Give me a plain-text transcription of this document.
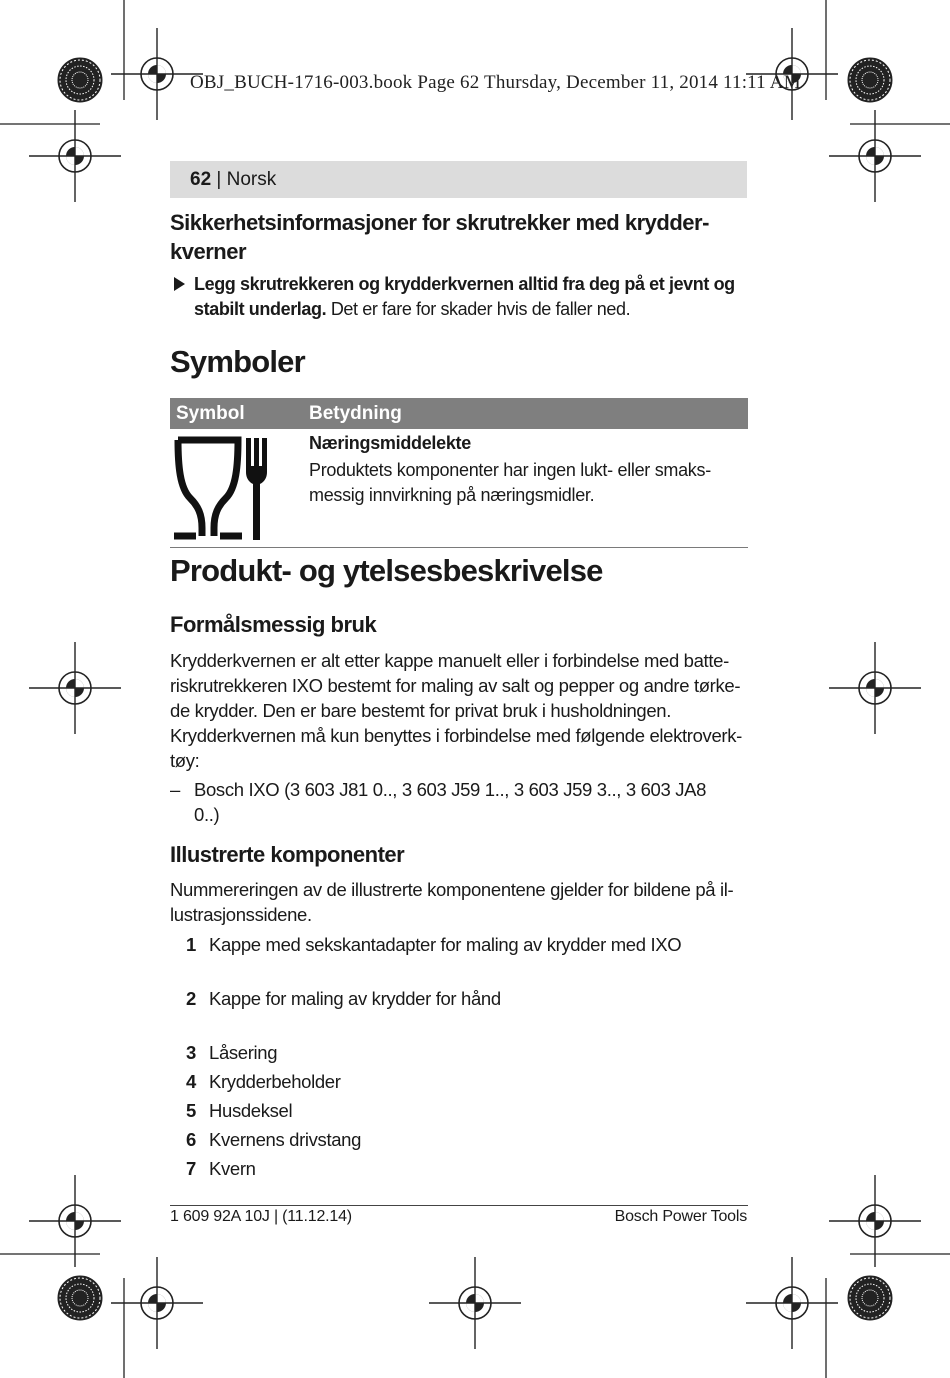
OBJ_BUCH-1716-003.book Page 62 Thursday, December 11, 2014 11:11 AM
62 | Norsk
Sikkerhetsinformasjoner for skrutrekker med krydder-kverner
Legg skrutrekkeren og krydderkvernen alltid fra deg på et jevnt og stabilt underlag. Det er fare for skader hvis de faller ned.
Symboler
Symbol	Betydning
Næringsmiddelekte
Produktets komponenter har ingen lukt- eller smaks-messig innvirkning på næringsmidler.
Produkt- og ytelsesbeskrivelse
Formålsmessig bruk
Krydderkvernen er alt etter kappe manuelt eller i forbindelse med batte-riskrutrekkeren IXO bestemt for maling av salt og pepper og andre tørke-de krydder. Den er bare bestemt for privat bruk i husholdningen. Krydderkvernen må kun benyttes i forbindelse med følgende elektroverk-tøy:
– Bosch IXO (3 603 J81 0.., 3 603 J59 1.., 3 603 J59 3.., 3 603 JA8 0..)
Illustrerte komponenter
Nummereringen av de illustrerte komponentene gjelder for bildene på il-lustrasjonssidene.
1 Kappe med sekskantadapter for maling av krydder med IXO
2 Kappe for maling av krydder for hånd
3 Låsering
4 Krydderbeholder
5 Husdeksel
6 Kvernens drivstang
7 Kvern
1 609 92A 10J | (11.12.14)	Bosch Power Tools
